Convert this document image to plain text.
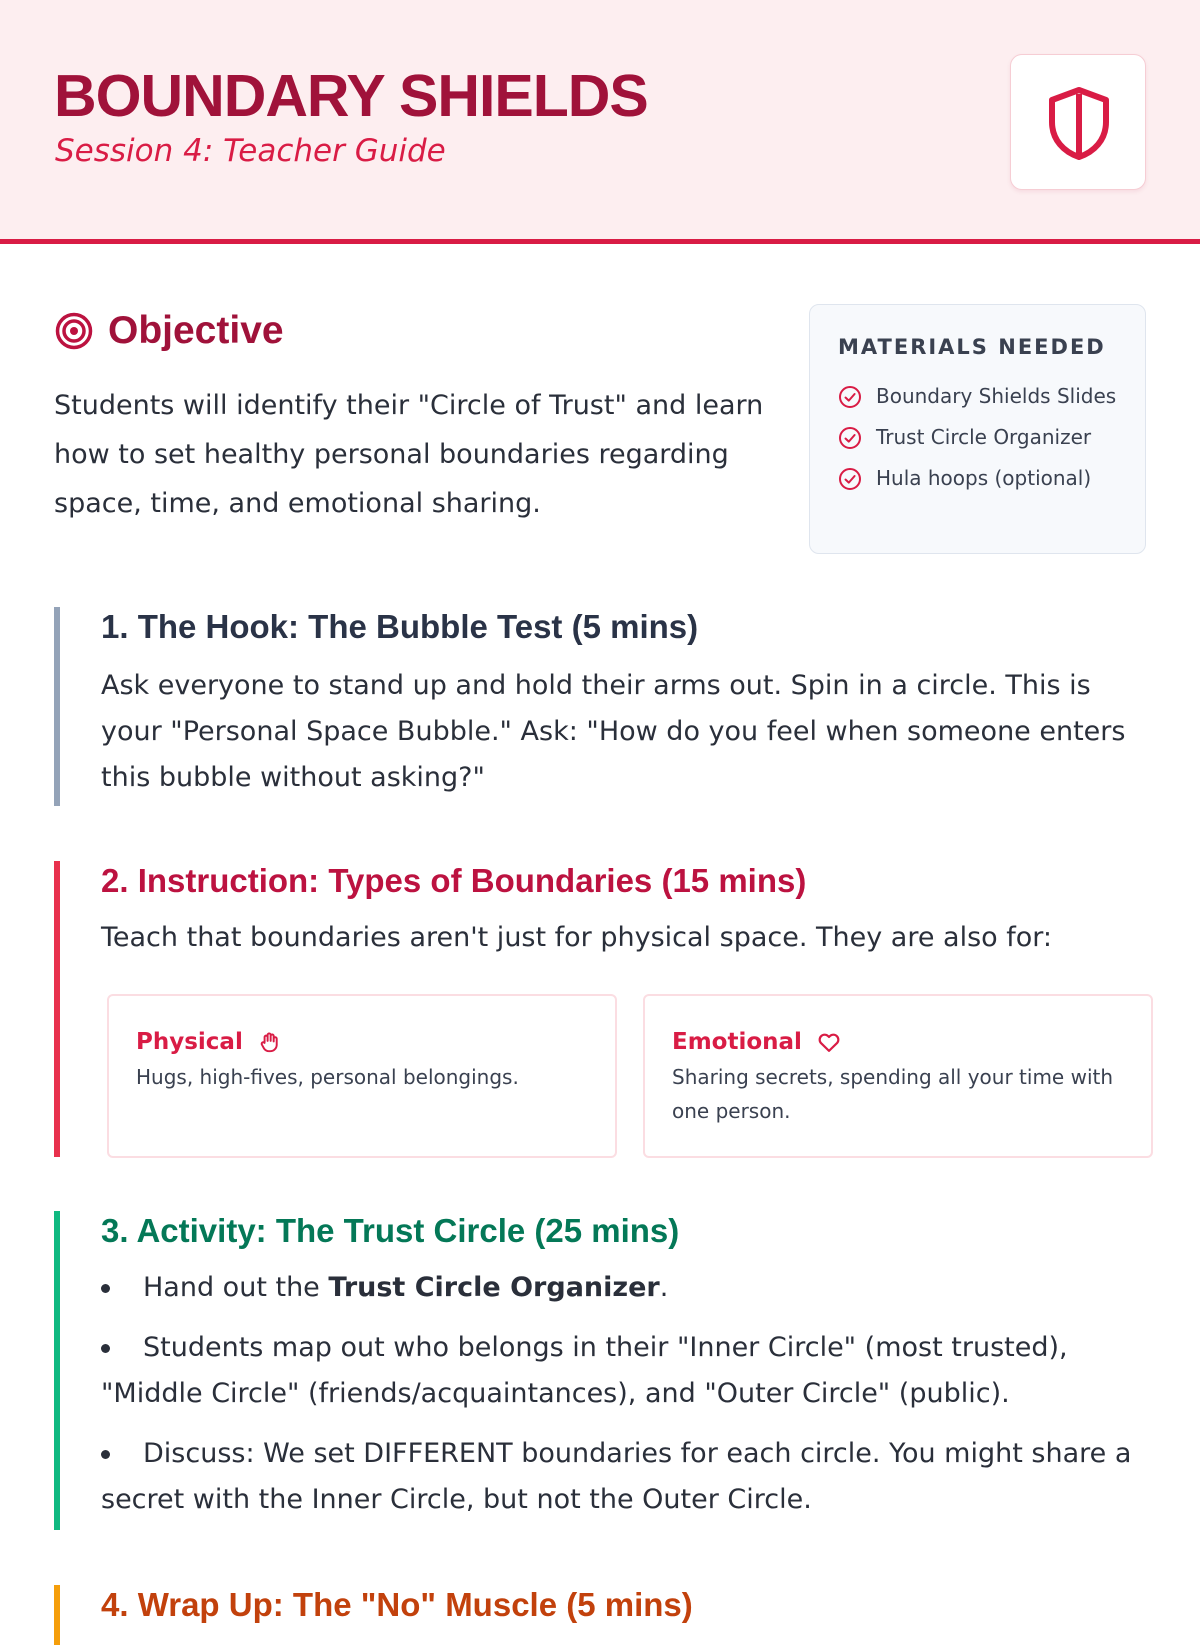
BOUNDARY SHIELDS
Session 4: Teacher Guide
Objective

Students will identify their "Circle of Trust" and learn how to set healthy personal boundaries regarding space, time, and emotional sharing.

MATERIALS NEEDED
Boundary Shields Slides
Trust Circle Organizer
Hula hoops (optional)
1. The Hook: The Bubble Test (5 mins)

Ask everyone to stand up and hold their arms out. Spin in a circle. This is your "Personal Space Bubble." Ask: "How do you feel when someone enters this bubble without asking?"

2. Instruction: Types of Boundaries (15 mins)

Teach that boundaries aren't just for physical space. They are also for:

Physical
Hugs, high-fives, personal belongings.
Emotional
Sharing secrets, spending all your time with one person.
3. Activity: The Trust Circle (25 mins)
Hand out the Trust Circle Organizer.
Students map out who belongs in their "Inner Circle" (most trusted), "Middle Circle" (friends/acquaintances), and "Outer Circle" (public).
Discuss: We set DIFFERENT boundaries for each circle. You might share a secret with the Inner Circle, but not the Outer Circle.
4. Wrap Up: The "No" Muscle (5 mins)
